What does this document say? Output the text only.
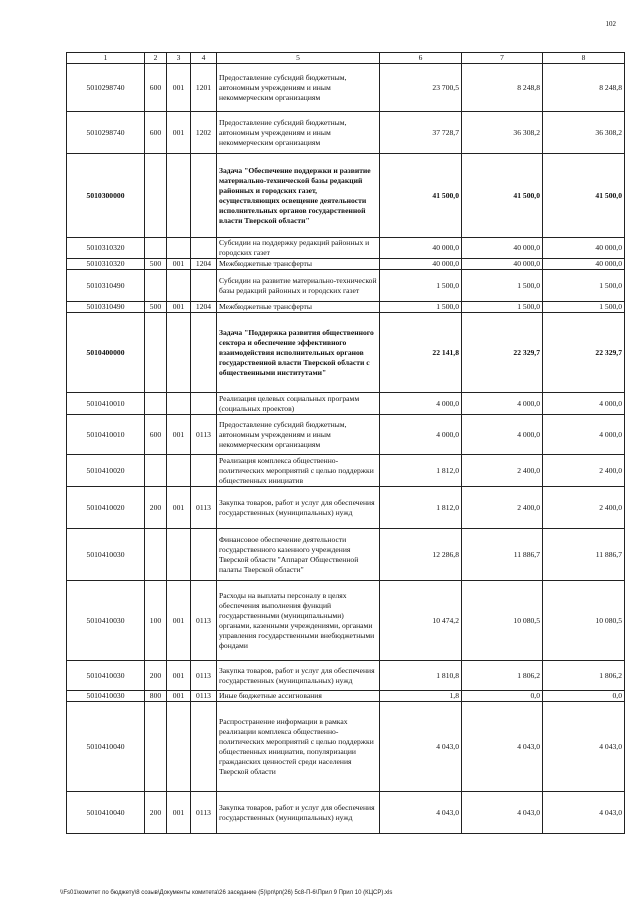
102
1	2	3	4	5	6	7	8
5010298740	600	001	1201	Предоставление субсидий бюджетным, автономным учреждениям и иным некоммерческим организациям	23 700,5	8 248,8	8 248,8
5010298740	600	001	1202	Предоставление субсидий бюджетным, автономным учреждениям и иным некоммерческим организациям	37 728,7	36 308,2	36 308,2
5010300000				Задача "Обеспечение поддержки и развитие материально-технической базы редакций районных и городских газет, осуществляющих освещение деятельности исполнительных органов государственной власти Тверской области"	41 500,0	41 500,0	41 500,0
5010310320				Субсидии на поддержку редакций районных и городских газет	40 000,0	40 000,0	40 000,0
5010310320	500	001	1204	Межбюджетные трансферты	40 000,0	40 000,0	40 000,0
5010310490				Субсидии на развитие материально-технической базы редакций районных и городских газет	1 500,0	1 500,0	1 500,0
5010310490	500	001	1204	Межбюджетные трансферты	1 500,0	1 500,0	1 500,0
5010400000				Задача "Поддержка развития общественного сектора и обеспечение эффективного взаимодействия исполнительных органов государственной власти Тверской области с общественными институтами"	22 141,8	22 329,7	22 329,7
5010410010				Реализация целевых социальных программ (социальных проектов)	4 000,0	4 000,0	4 000,0
5010410010	600	001	0113	Предоставление субсидий бюджетным, автономным учреждениям и иным некоммерческим организациям	4 000,0	4 000,0	4 000,0
5010410020				Реализация комплекса общественно-политических мероприятий с целью поддержки общественных инициатив	1 812,0	2 400,0	2 400,0
5010410020	200	001	0113	Закупка товаров, работ и услуг для обеспечения государственных (муниципальных) нужд	1 812,0	2 400,0	2 400,0
5010410030				Финансовое обеспечение деятельности государственного казенного учреждения Тверской области "Аппарат Общественной палаты Тверской области"	12 286,8	11 886,7	11 886,7
5010410030	100	001	0113	Расходы на выплаты персоналу в целях обеспечения выполнения функций государственными (муниципальными) органами, казенными учреждениями, органами управления государственными внебюджетными фондами	10 474,2	10 080,5	10 080,5
5010410030	200	001	0113	Закупка товаров, работ и услуг для обеспечения государственных (муниципальных) нужд	1 810,8	1 806,2	1 806,2
5010410030	800	001	0113	Иные бюджетные ассигнования	1,8	0,0	0,0
5010410040				Распространение информации в рамках реализации комплекса общественно-политических мероприятий с целью поддержки общественных инициатив, популяризации гражданских ценностей среди населения Тверской области	4 043,0	4 043,0	4 043,0
5010410040	200	001	0113	Закупка товаров, работ и услуг для обеспечения государственных (муниципальных) нужд	4 043,0	4 043,0	4 043,0
\\Fs01\комитет по бюджету\8 созыв\Документы комитета\26 заседание (5)\рп\рп(26) 5с8-П-6\Прил 9 Прил 10 (КЦСР).xls
